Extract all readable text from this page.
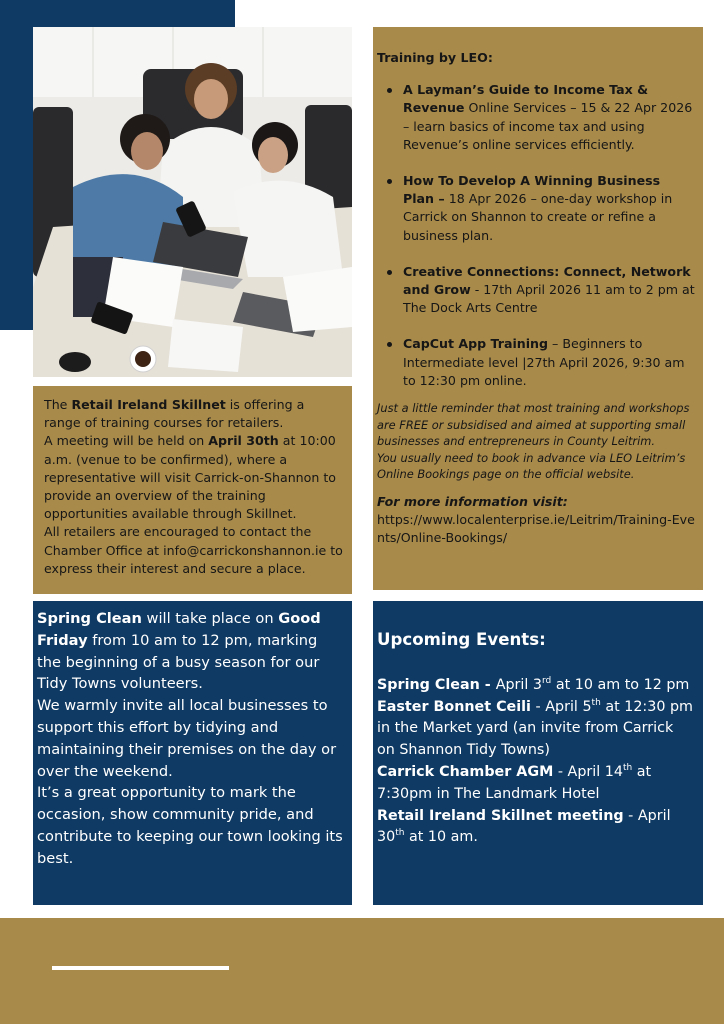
The Retail Ireland Skillnet is offering a range of training courses for retailers.

A meeting will be held on April 30th at 10:00 a.m. (venue to be confirmed), where a representative will visit Carrick-on-Shannon to provide an overview of the training opportunities available through Skillnet.

All retailers are encouraged to contact the Chamber Office at info@carrickonshannon.ie to express their interest and secure a place.

Training by LEO:

A Layman’s Guide to Income Tax & Revenue Online Services – 15 & 22 Apr 2026 – learn basics of income tax and using Revenue’s online services efficiently.
How To Develop A Winning Business Plan – 18 Apr 2026 – one-day workshop in Carrick on Shannon to create or refine a business plan.
Creative Connections: Connect, Network and Grow - 17th April 2026 11 am to 2 pm at The Dock Arts Centre
CapCut App Training – Beginners to Intermediate level |27th April 2026, 9:30 am to 12:30 pm online.

Just a little reminder that most training and workshops are FREE or subsidised and aimed at supporting small businesses and entrepreneurs in County Leitrim.

You usually need to book in advance via LEO Leitrim’s Online Bookings page on the official website.

For more information visit:

https://www.localenterprise.ie/Leitrim/Training-Events/Online-Bookings/

Spring Clean will take place on Good Friday from 10 am to 12 pm, marking the beginning of a busy season for our Tidy Towns volunteers.

We warmly invite all local businesses to support this effort by tidying and maintaining their premises on the day or over the weekend.

It’s a great opportunity to mark the occasion, show community pride, and contribute to keeping our town looking its best.

Upcoming Events:

Spring Clean - April 3rd at 10 am to 12 pm

Easter Bonnet Ceili - April 5th at 12:30 pm in the Market yard (an invite from Carrick on Shannon Tidy Towns)

Carrick Chamber AGM - April 14th at 7:30pm in The Landmark Hotel

Retail Ireland Skillnet meeting - April 30th at 10 am.
